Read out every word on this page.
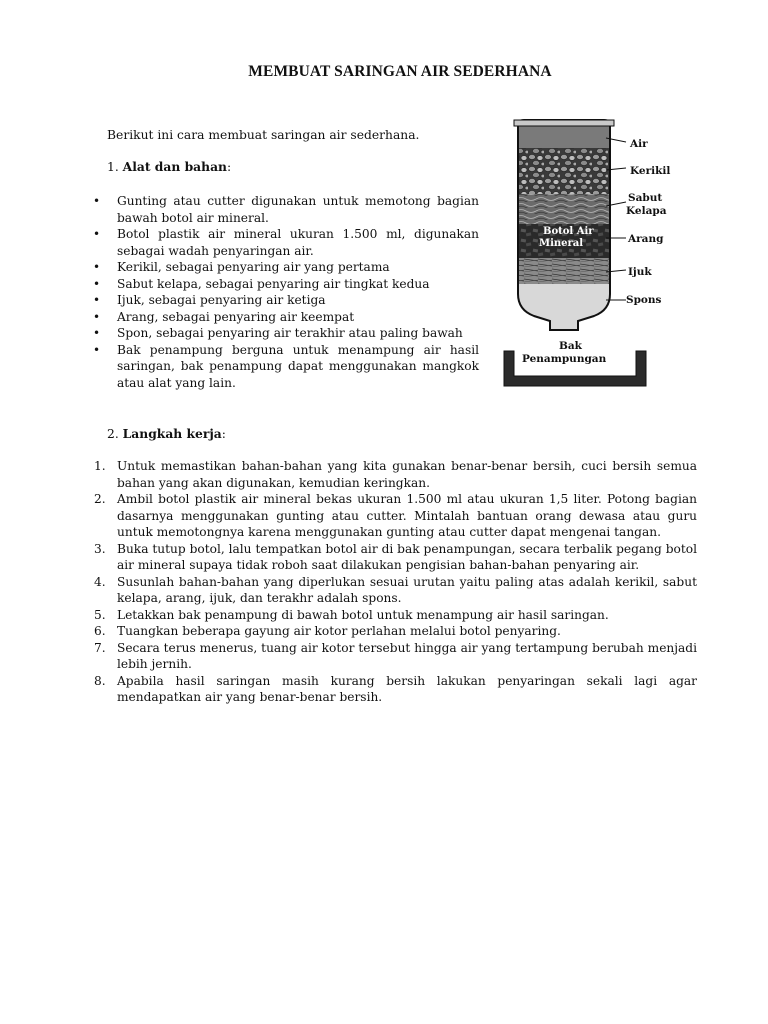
MEMBUAT SARINGAN AIR SEDERHANA
Berikut ini cara membuat saringan air sederhana.
1. Alat dan bahan:
• Gunting atau cutter digunakan untuk memotong bagian bawah botol air mineral.
• Botol plastik air mineral ukuran 1.500 ml, digunakan sebagai wadah penyaringan air.
• Kerikil, sebagai penyaring air yang pertama
• Sabut kelapa, sebagai penyaring air tingkat kedua
• Ijuk, sebagai penyaring air ketiga
• Arang, sebagai penyaring air keempat
• Spon, sebagai penyaring air terakhir atau paling bawah
• Bak penampung berguna untuk menampung air hasil saringan, bak penampung dapat menggunakan mangkok atau alat yang lain.
Air
Kerikil
Sabut
Kelapa
Arang
Ijuk
Spons
Botol Air
Mineral
Bak
Penampungan
2. Langkah kerja:
1. Untuk memastikan bahan-bahan yang kita gunakan benar-benar bersih, cuci bersih semua bahan yang akan digunakan, kemudian keringkan.
2. Ambil botol plastik air mineral bekas ukuran 1.500 ml atau ukuran 1,5 liter. Potong bagian dasarnya menggunakan gunting atau cutter. Mintalah bantuan orang dewasa atau guru untuk memotongnya karena menggunakan gunting atau cutter dapat mengenai tangan.
3. Buka tutup botol, lalu tempatkan botol air di bak penampungan, secara terbalik pegang botol air mineral supaya tidak roboh saat dilakukan pengisian bahan-bahan penyaring air.
4. Susunlah bahan-bahan yang diperlukan sesuai urutan yaitu paling atas adalah kerikil, sabut kelapa, arang, ijuk, dan terakhr adalah spons.
5. Letakkan bak penampung di bawah botol untuk menampung air hasil saringan.
6. Tuangkan beberapa gayung air kotor perlahan melalui botol penyaring.
7. Secara terus menerus, tuang air kotor tersebut hingga air yang tertampung berubah menjadi lebih jernih.
8. Apabila hasil saringan masih kurang bersih lakukan penyaringan sekali lagi agar mendapatkan air yang benar-benar bersih.
